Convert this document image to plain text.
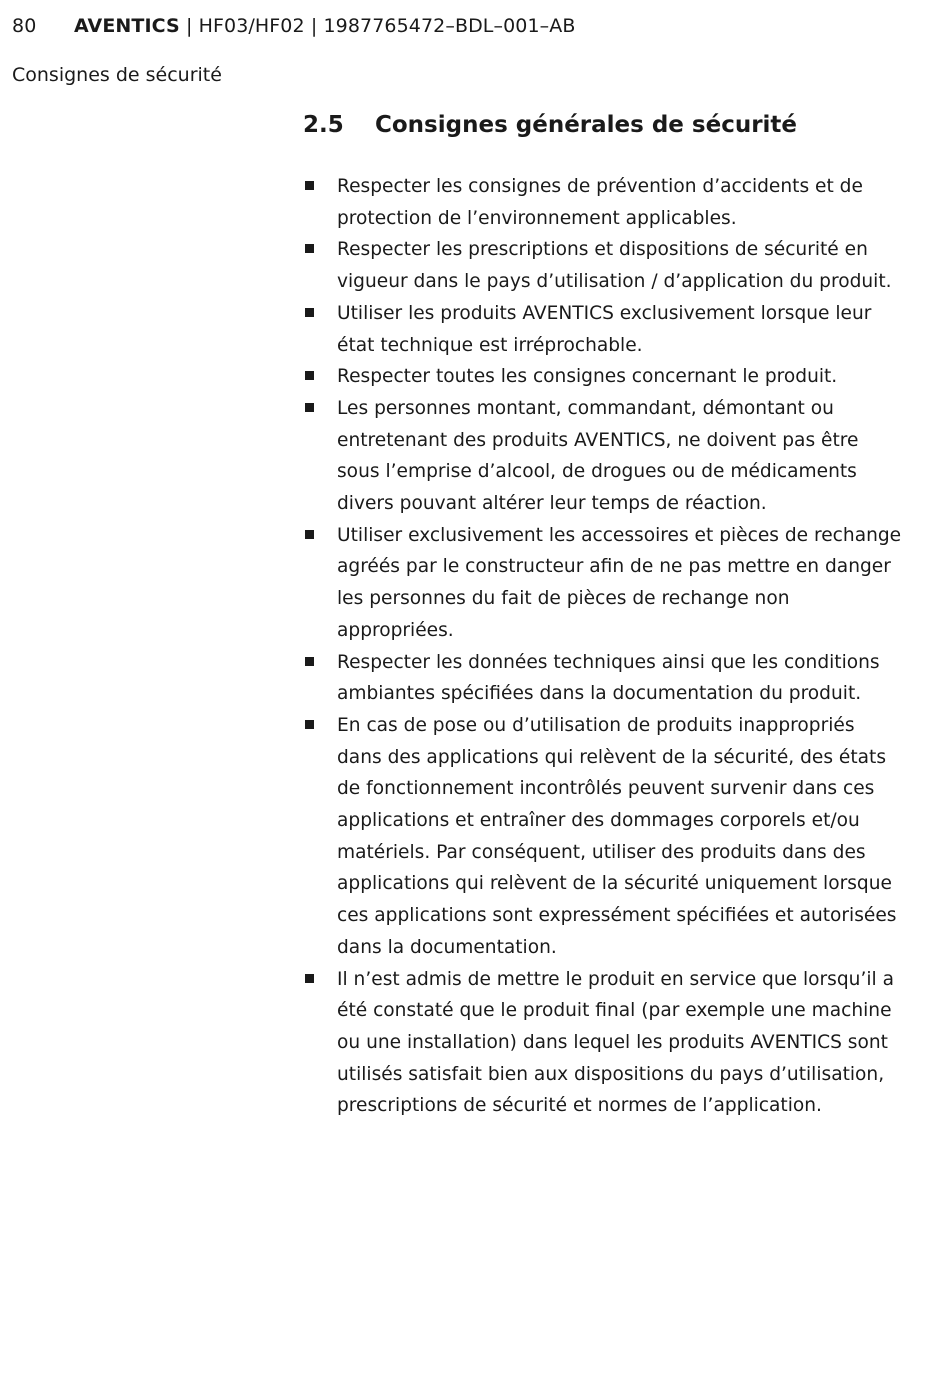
80 AVENTICS | HF03/HF02 | 1987765472–BDL–001–AB
Consignes de sécurité
2.5 Consignes générales de sécurité
Respecter les consignes de prévention d’accidents et de protection de l’environnement applicables.
Respecter les prescriptions et dispositions de sécurité en vigueur dans le pays d’utilisation / d’application du produit.
Utiliser les produits AVENTICS exclusivement lorsque leur état technique est irréprochable.
Respecter toutes les consignes concernant le produit.
Les personnes montant, commandant, démontant ou entretenant des produits AVENTICS, ne doivent pas être sous l’emprise d’alcool, de drogues ou de médicaments divers pouvant altérer leur temps de réaction.
Utiliser exclusivement les accessoires et pièces de rechange agréés par le constructeur afin de ne pas mettre en danger les personnes du fait de pièces de rechange non appropriées.
Respecter les données techniques ainsi que les conditions ambiantes spécifiées dans la documentation du produit.
En cas de pose ou d’utilisation de produits inappropriés dans des applications qui relèvent de la sécurité, des états de fonctionnement incontrôlés peuvent survenir dans ces applications et entraîner des dommages corporels et/ou matériels. Par conséquent, utiliser des produits dans des applications qui relèvent de la sécurité uniquement lorsque ces applications sont expressément spécifiées et autorisées dans la documentation.
Il n’est admis de mettre le produit en service que lorsqu’il a été constaté que le produit final (par exemple une machine ou une installation) dans lequel les produits AVENTICS sont utilisés satisfait bien aux dispositions du pays d’utilisation, prescriptions de sécurité et normes de l’application.
